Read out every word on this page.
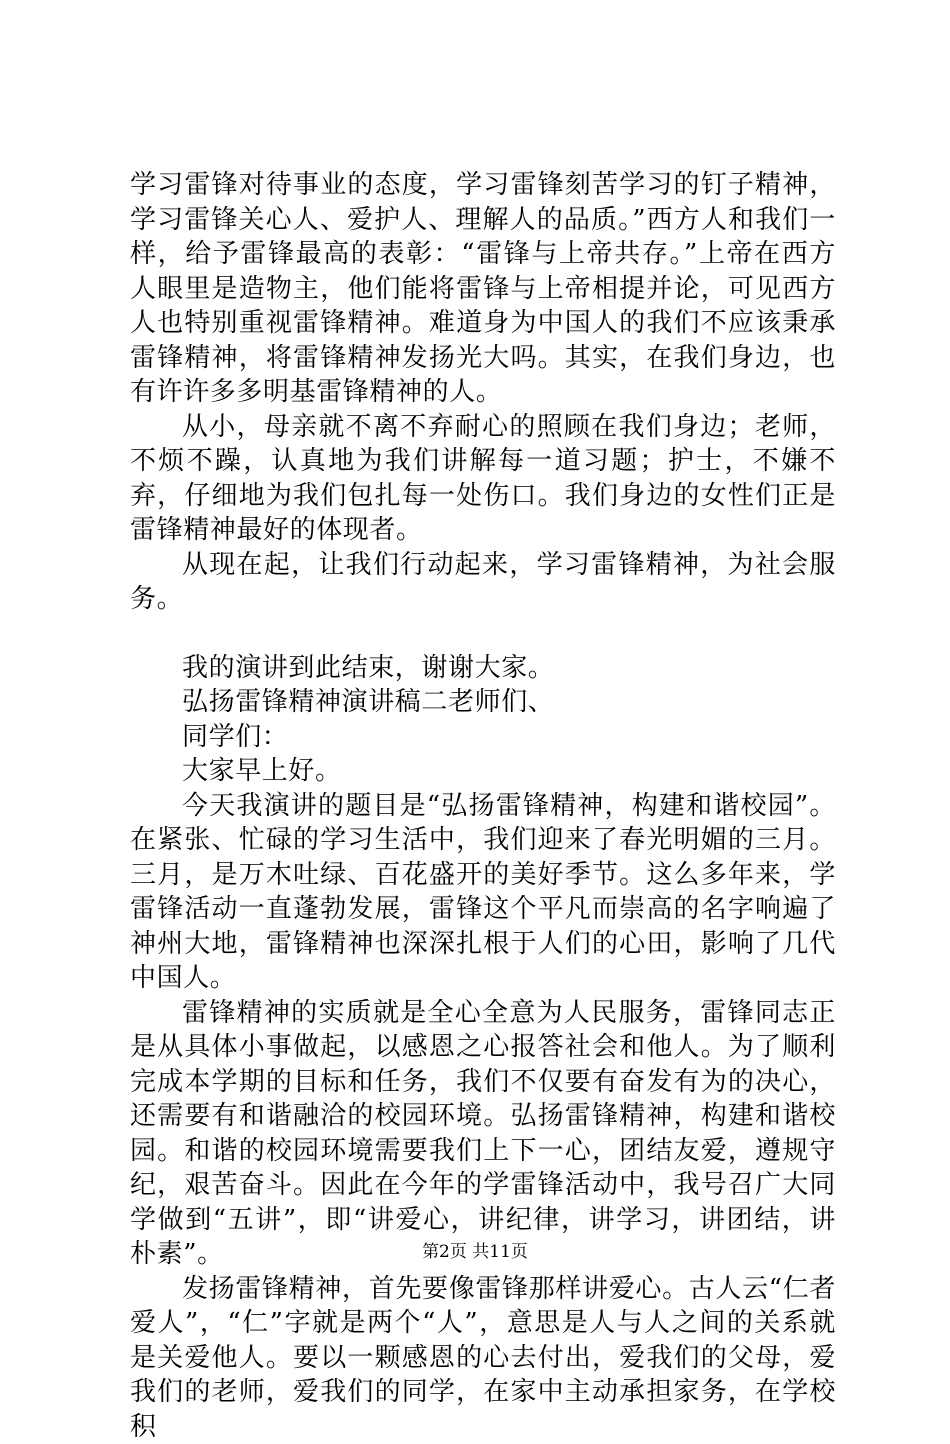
学习雷锋对待事业的态度，学习雷锋刻苦学习的钉子精神，学习雷锋关心人、爱护人、理解人的品质。”西方人和我们一样，给予雷锋最高的表彰：“雷锋与上帝共存。”上帝在西方人眼里是造物主，他们能将雷锋与上帝相提并论，可见西方人也特别重视雷锋精神。难道身为中国人的我们不应该秉承雷锋精神，将雷锋精神发扬光大吗。其实，在我们身边，也有许许多多明基雷锋精神的人。

从小，母亲就不离不弃耐心的照顾在我们身边；老师，不烦不躁，认真地为我们讲解每一道习题；护士，不嫌不弃，仔细地为我们包扎每一处伤口。我们身边的女性们正是雷锋精神最好的体现者。

从现在起，让我们行动起来，学习雷锋精神，为社会服务。

我的演讲到此结束，谢谢大家。

弘扬雷锋精神演讲稿二老师们、

同学们：

大家早上好。

今天我演讲的题目是“弘扬雷锋精神，构建和谐校园”。在紧张、忙碌的学习生活中，我们迎来了春光明媚的三月。三月，是万木吐绿、百花盛开的美好季节。这么多年来，学雷锋活动一直蓬勃发展，雷锋这个平凡而崇高的名字响遍了神州大地，雷锋精神也深深扎根于人们的心田，影响了几代中国人。

雷锋精神的实质就是全心全意为人民服务，雷锋同志正是从具体小事做起，以感恩之心报答社会和他人。为了顺利完成本学期的目标和任务，我们不仅要有奋发有为的决心，还需要有和谐融洽的校园环境。弘扬雷锋精神，构建和谐校园。和谐的校园环境需要我们上下一心，团结友爱，遵规守纪，艰苦奋斗。因此在今年的学雷锋活动中，我号召广大同学做到“五讲”，即“讲爱心，讲纪律，讲学习，讲团结，讲朴素”。

发扬雷锋精神，首先要像雷锋那样讲爱心。古人云“仁者爱人”，“仁”字就是两个“人”，意思是人与人之间的关系就是关爱他人。要以一颗感恩的心去付出，爱我们的父母，爱我们的老师，爱我们的同学，在家中主动承担家务，在学校积

第2页 共11页
